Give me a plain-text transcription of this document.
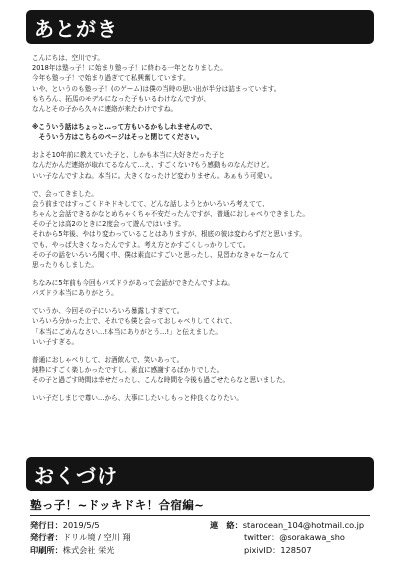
あとがき

こんにちは、空川です。
2018年は塾っ子！に始まり塾っ子！に終わる一年となりました。
今年も塾っ子！で始まり過ぎてて私興奮しています。
いや、というのも塾っ子！(のゲーム)は僕の当時の思い出が半分は詰まっています。
もちろん、拓馬のモデルになった子もいるわけなんですが、
なんとその子から久々に連絡が来たわけですね。

※こういう話はちょっと…って方もいるかもしれませんので、
　そういう方はこちらのページはそっと閉じてください。

およそ10年前に教えていた子と、しかも本当に大好きだった子と
なんだかんだ連絡が取れてるなんて…え、すごくない?もう感動ものなんだけど。
いい子なんですよね。本当に。大きくなったけど変わりません。あぁもう可愛い。

で、会ってきました。
会う前まではすっごくドキドキしてて、どんな話しようとかいろいろ考えてて、
ちゃんと会話できるかなとめちゃくちゃ不安だったんですが、普通におしゃべりできました。
その子とは高2のときに2度会って遊んではいます。
それから5年後、やはり変わっていることはありますが、根底の彼は変わらずだと思います。
でも、やっぱ大きくなったんですよ。考え方とかすごくしっかりしてて。
その子の話をいろいろ聞く中、僕は素直にすごいと思ったし、見習わなきゃなーなんて
思ったりもしました。

ちなみに5年前も今回もパズドラがあって会話ができたんですよね。
パズドラ本当にありがとう。

ていうか、今回その子にいろいろ暴露しすぎてて。
いろいろ分かった上で、それでも僕と会っておしゃべりしてくれて、
「本当にごめんなさい…!本当にありがとう…!」と伝えました。
いい子すぎる。

普通におしゃべりして、お酒飲んで、笑いあって。
純粋にすごく楽しかったですし、素直に感謝するばかりでした。
その子と過ごす時間は幸せだったし、こんな時間を今後も過ごせたらなと思いました。

いい子だしまじで尊い…から、大事にしたいしもっと仲良くなりたい。

おくづけ
塾っ子！~ドッキドキ！合宿編~
発行日： 2019/5/5
発行者： ドリル境 / 空川 翔
印刷所： 株式会社 栄光
連　絡： starocean_104@hotmail.co.jp
twitter：@sorakawa_sho
pixivID：128507
